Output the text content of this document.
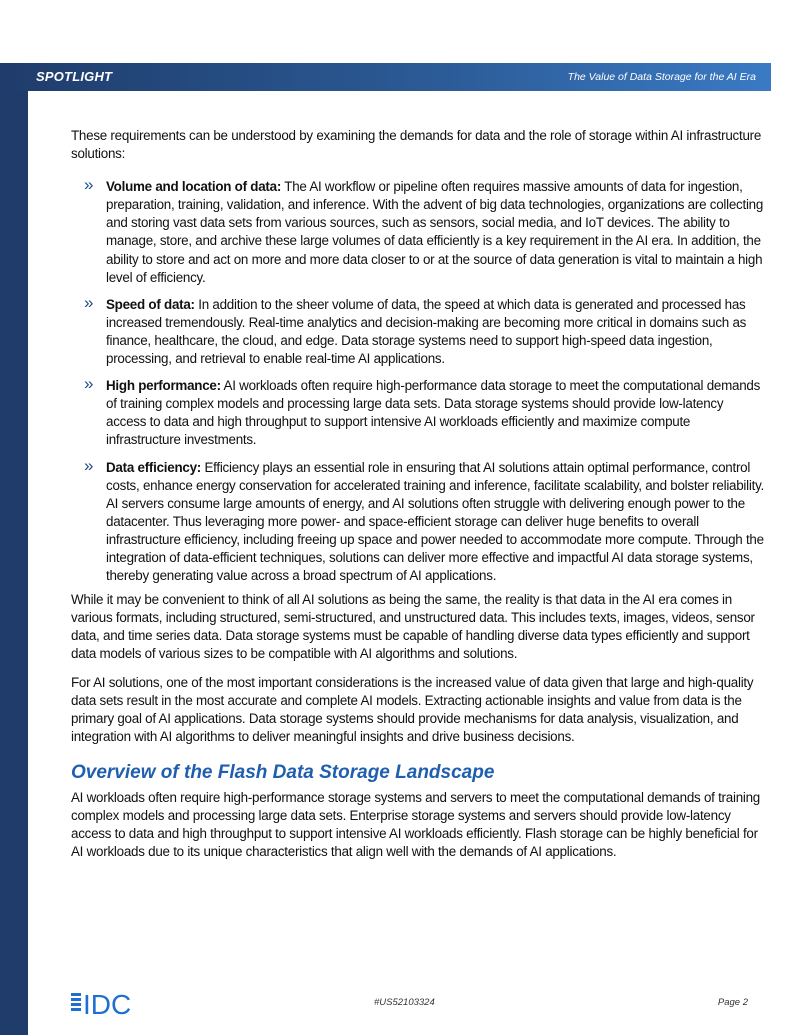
SPOTLIGHT	The Value of Data Storage for the AI Era

These requirements can be understood by examining the demands for data and the role of storage within AI infrastructure solutions:

» Volume and location of data: The AI workflow or pipeline often requires massive amounts of data for ingestion, preparation, training, validation, and inference. With the advent of big data technologies, organizations are collecting and storing vast data sets from various sources, such as sensors, social media, and IoT devices. The ability to manage, store, and archive these large volumes of data efficiently is a key requirement in the AI era. In addition, the ability to store and act on more and more data closer to or at the source of data generation is vital to maintain a high level of efficiency.
» Speed of data: In addition to the sheer volume of data, the speed at which data is generated and processed has increased tremendously. Real-time analytics and decision-making are becoming more critical in domains such as finance, healthcare, the cloud, and edge. Data storage systems need to support high-speed data ingestion, processing, and retrieval to enable real-time AI applications.
» High performance: AI workloads often require high-performance data storage to meet the computational demands of training complex models and processing large data sets. Data storage systems should provide low-latency access to data and high throughput to support intensive AI workloads efficiently and maximize compute infrastructure investments.
» Data efficiency: Efficiency plays an essential role in ensuring that AI solutions attain optimal performance, control costs, enhance energy conservation for accelerated training and inference, facilitate scalability, and bolster reliability. AI servers consume large amounts of energy, and AI solutions often struggle with delivering enough power to the datacenter. Thus leveraging more power- and space-efficient storage can deliver huge benefits to overall infrastructure efficiency, including freeing up space and power needed to accommodate more compute. Through the integration of data-efficient techniques, solutions can deliver more effective and impactful AI data storage systems, thereby generating value across a broad spectrum of AI applications.

While it may be convenient to think of all AI solutions as being the same, the reality is that data in the AI era comes in various formats, including structured, semi-structured, and unstructured data. This includes texts, images, videos, sensor data, and time series data. Data storage systems must be capable of handling diverse data types efficiently and support data models of various sizes to be compatible with AI algorithms and solutions.

For AI solutions, one of the most important considerations is the increased value of data given that large and high-quality data sets result in the most accurate and complete AI models. Extracting actionable insights and value from data is the primary goal of AI applications. Data storage systems should provide mechanisms for data analysis, visualization, and integration with AI algorithms to deliver meaningful insights and drive business decisions.

Overview of the Flash Data Storage Landscape

AI workloads often require high-performance storage systems and servers to meet the computational demands of training complex models and processing large data sets. Enterprise storage systems and servers should provide low-latency access to data and high throughput to support intensive AI workloads efficiently. Flash storage can be highly beneficial for AI workloads due to its unique characteristics that align well with the demands of AI applications.

IDC	#US52103324	Page 2
